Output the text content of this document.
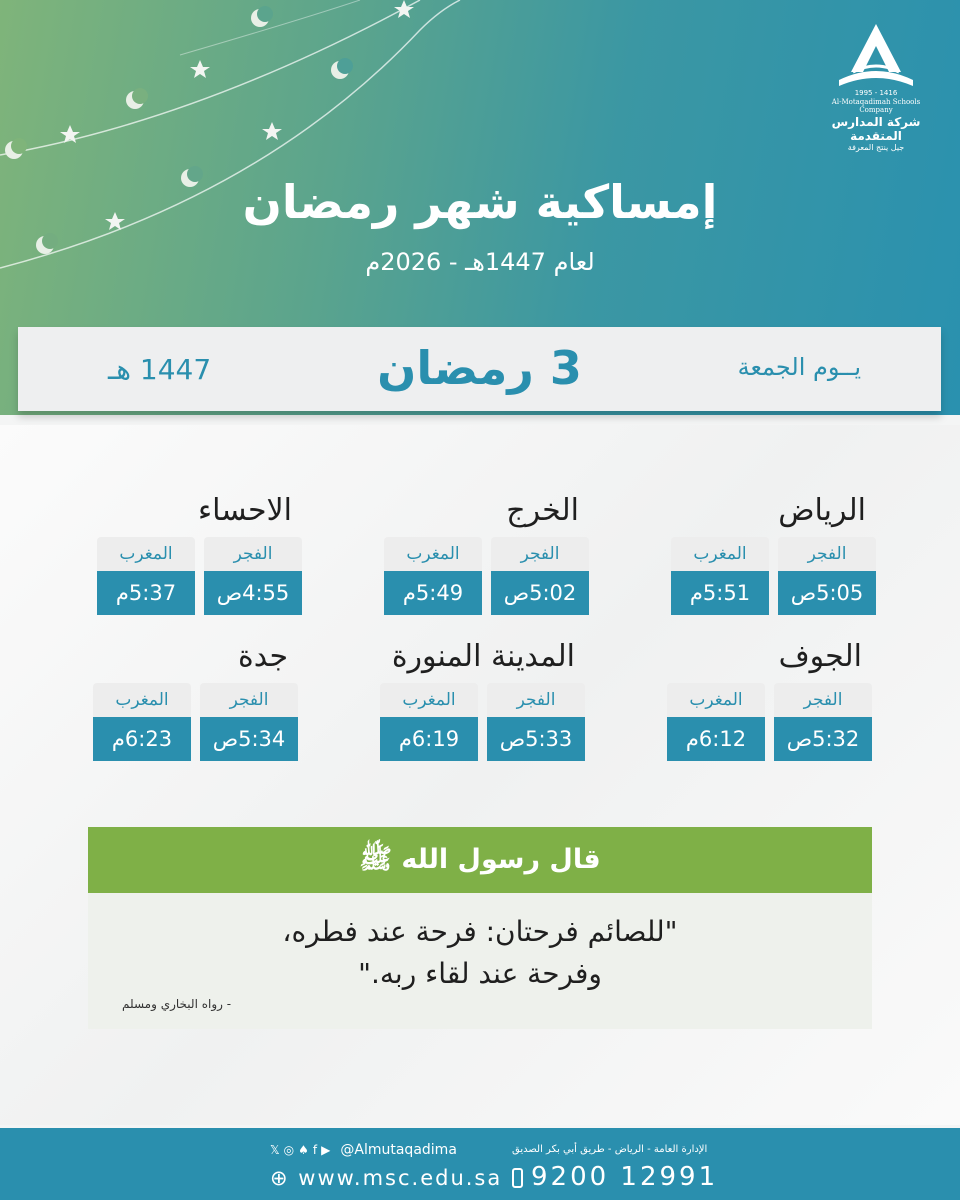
1995 - 1416
Al-Motaqadimah Schools Company
شركة المدارس المتقدمة
جيل ينتج المعرفة
إمساكية شهر رمضان
لعام 1447هـ - 2026م
يــوم الجمعة
3 رمضان
1447 هـ
الرياض
الفجر
5:05ص
المغرب
5:51م
الخرج
الفجر
5:02ص
المغرب
5:49م
الاحساء
الفجر
4:55ص
المغرب
5:37م
الجوف
الفجر
5:32ص
المغرب
6:12م
المدينة المنورة
الفجر
5:33ص
المغرب
6:19م
جدة
الفجر
5:34ص
المغرب
6:23م
قال رسول الله ﷺ
"للصائم فرحتان: فرحة عند فطره،
وفرحة عند لقاء ربه."
- رواه البخاري ومسلم
الإدارة العامة - الرياض - طريق أبي بكر الصديق
9200 12991
𝕏 ◎ ♠ f ▶ @Almutaqadima
⊕ www.msc.edu.sa
